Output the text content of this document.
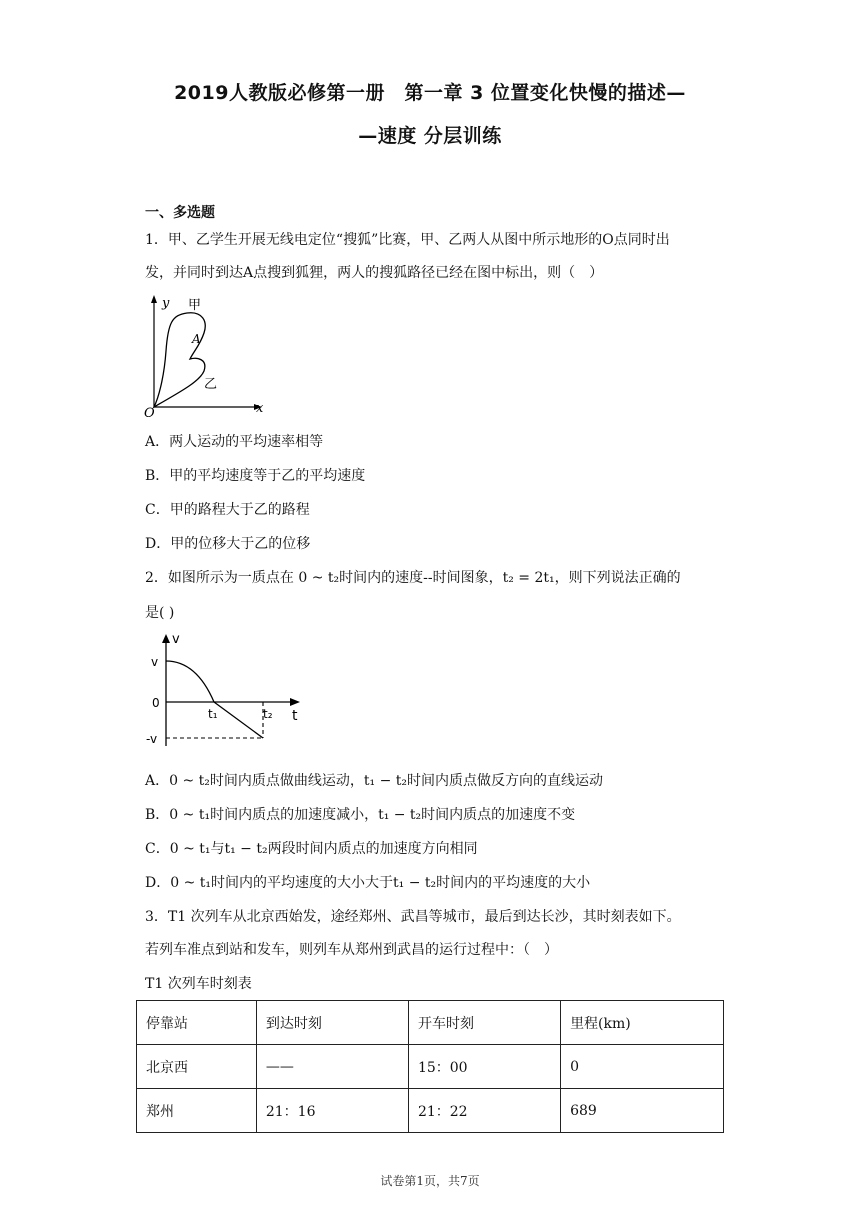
2019人教版必修第一册　第一章 3 位置变化快慢的描述—
—速度 分层训练
一、多选题
1．甲、乙学生开展无线电定位“搜狐”比赛，甲、乙两人从图中所示地形的O点同时出
发，并同时到达A点搜到狐狸，两人的搜狐路径已经在图中标出，则（　）
y
x
O
A
甲
乙
A．两人运动的平均速率相等
B．甲的平均速度等于乙的平均速度
C．甲的路程大于乙的路程
D．甲的位移大于乙的位移
2．如图所示为一质点在 0 ~ t₂时间内的速度--时间图象，t₂ = 2t₁，则下列说法正确的
是( )
v
t
v
0
-v
t₁	t₂
A．0 ~ t₂时间内质点做曲线运动，t₁ − t₂时间内质点做反方向的直线运动
B．0 ~ t₁时间内质点的加速度减小，t₁ − t₂时间内质点的加速度不变
C．0 ~ t₁与t₁ − t₂两段时间内质点的加速度方向相同
D．0 ~ t₁时间内的平均速度的大小大于t₁ − t₂时间内的平均速度的大小
3．T1 次列车从北京西始发，途经郑州、武昌等城市，最后到达长沙，其时刻表如下。
若列车准点到站和发车，则列车从郑州到武昌的运行过程中：（　）
T1 次列车时刻表
停靠站	到达时刻	开车时刻	里程(km)
北京西	——	15：00	0
郑州	21：16	21：22	689
试卷第1页，共7页
